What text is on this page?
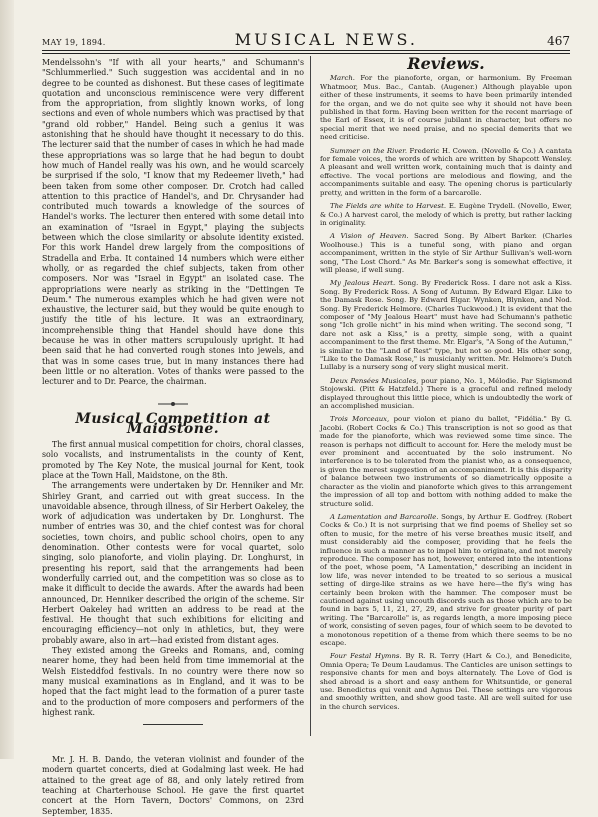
MAY 19, 1894.	MUSICAL NEWS.	467

Mendelssohn's "If with all your hearts," and Schumann's "Schlummerlied." Such suggestion was accidental and in no degree to be counted as dishonest. But these cases of legitimate quotation and unconscious reminiscence were very different from the appropriation, from slightly known works, of long sections and even of whole numbers which was practised by that "grand old robber," Handel. Being such a genius it was astonishing that he should have thought it necessary to do this. The lecturer said that the number of cases in which he had made these appropriations was so large that he had begun to doubt how much of Handel really was his own, and he would scarcely be surprised if the solo, "I know that my Redeemer liveth," had been taken from some other composer. Dr. Crotch had called attention to this practice of Handel's, and Dr. Chrysander had contributed much towards a knowledge of the sources of Handel's works. The lecturer then entered with some detail into an examination of "Israel in Egypt," playing the subjects between which the close similarity or absolute identity existed. For this work Handel drew largely from the compositions of Stradella and Erba. It contained 14 numbers which were either wholly, or as regarded the chief subjects, taken from other composers. Nor was "Israel in Egypt" an isolated case. The appropriations were nearly as striking in the "Dettingen Te Deum." The numerous examples which he had given were not exhaustive, the lecturer said, but they would be quite enough to justify the title of his lecture. It was an extraordinary, incomprehensible thing that Handel should have done this because he was in other matters scrupulously upright. It had been said that he had converted rough stones into jewels, and that was in some cases true, but in many instances there had been little or no alteration. Votes of thanks were passed to the lecturer and to Dr. Pearce, the chairman.

Musical Competition at Maidstone.

The first annual musical competition for choirs, choral classes, solo vocalists, and instrumentalists in the county of Kent, promoted by The Key Note, the musical journal for Kent, took place at the Town Hall, Maidstone, on the 8th.

The arrangements were undertaken by Dr. Henniker and Mr. Shirley Grant, and carried out with great success. In the unavoidable absence, through illness, of Sir Herbert Oakeley, the work of adjudication was undertaken by Dr. Longhurst. The number of entries was 30, and the chief contest was for choral societies, town choirs, and public school choirs, open to any denomination. Other contests were for vocal quartet, solo singing, solo pianoforte, and violin playing. Dr. Longhurst, in presenting his report, said that the arrangements had been wonderfully carried out, and the competition was so close as to make it difficult to decide the awards. After the awards had been announced, Dr. Henniker described the origin of the scheme. Sir Herbert Oakeley had written an address to be read at the festival. He thought that such exhibitions for eliciting and encouraging efficiency—not only in athletics, but, they were probably aware, also in art—had existed from distant ages.

They existed among the Greeks and Romans, and, coming nearer home, they had been held from time immemorial at the Welsh Eisteddfod festivals. In no country were there now so many musical examinations as in England, and it was to be hoped that the fact might lead to the formation of a purer taste and to the production of more composers and performers of the highest rank.

Mr. J. H. B. Dando, the veteran violinist and founder of the modern quartet concerts, died at Godalming last week. He had attained to the great age of 88, and only lately retired from teaching at Charterhouse School. He gave the first quartet concert at the Horn Tavern, Doctors' Commons, on 23rd September, 1835.

Reviews.

March. For the pianoforte, organ, or harmonium. By Freeman Whatmoor, Mus. Bac., Cantab. (Augener.) Although playable upon either of these instruments, it seems to have been primarily intended for the organ, and we do not quite see why it should not have been published in that form. Having been written for the recent marriage of the Earl of Essex, it is of course jubilant in character, but offers no special merit that we need praise, and no special demerits that we need criticise.

Summer on the River. Frederic H. Cowen. (Novello & Co.) A cantata for female voices, the words of which are written by Shapcott Wensley. A pleasant and well written work, containing much that is dainty and effective. The vocal portions are melodious and flowing, and the accompaniments suitable and easy. The opening chorus is particularly pretty, and written in the form of a barcarolle.

The Fields are white to Harvest. E. Eugène Trydell. (Novello, Ewer, & Co.) A harvest carol, the melody of which is pretty, but rather lacking in originality.

A Vision of Heaven. Sacred Song. By Albert Barker. (Charles Woolhouse.) This is a tuneful song, with piano and organ accompaniment, written in the style of Sir Arthur Sullivan's well-worn song, "The Lost Chord." As Mr. Barker's song is somewhat effective, it will please, if well sung.

My Jealous Heart. Song. By Frederick Ross. I dare not ask a Kiss. Song. By Frederick Ross. A Song of Autumn. By Edward Elgar. Like to the Damask Rose. Song. By Edward Elgar. Wynken, Blynken, and Nod. Song. By Frederick Helmore. (Charles Tuckwood.) It is evident that the composer of "My Jealous Heart" must have had Schumann's pathetic song "Ich grolle nicht" in his mind when writing. The second song, "I dare not ask a Kiss," is a pretty, simple song, with a quaint accompaniment to the first theme. Mr. Elgar's, "A Song of the Autumn," is similar to the "Land of Rest" type, but not so good. His other song, "Like to the Damask Rose," is musicianly written. Mr. Helmore's Dutch Lullaby is a nursery song of very slight musical merit.

Deux Pensées Musicales, pour piano, No. 1, Mélodie. Par Sigismond Stojowski. (Pitt & Hatzfeld.) There is a graceful and refined melody displayed throughout this little piece, which is undoubtedly the work of an accomplished musician.

Trois Morceaux, pour violon et piano du ballet, "Fidélia." By G. Jacobi. (Robert Cocks & Co.) This transcription is not so good as that made for the pianoforte, which was reviewed some time since. The reason is perhaps not difficult to account for. Here the melody must be ever prominent and accentuated by the solo instrument. No interference is to be tolerated from the pianist who, as a consequence, is given the merest suggestion of an accompaniment. It is this disparity of balance between two instruments of so diametrically opposite a character as the violin and pianoforte which gives to this arrangement the impression of all top and bottom with nothing added to make the structure solid.

A Lamentation and Barcarolle. Songs, by Arthur E. Godfrey. (Robert Cocks & Co.) It is not surprising that we find poems of Shelley set so often to music, for the metre of his verse breathes music itself, and must considerably aid the composer, providing that he feels the influence in such a manner as to impel him to originate, and not merely reproduce. The composer has not, however, entered into the intentions of the poet, whose poem, "A Lamentation," describing an incident in low life, was never intended to be treated to so serious a musical setting of dirge-like strains as we have here—the fly's wing has certainly been broken with the hammer. The composer must be cautioned against using uncouth discords such as those which are to be found in bars 5, 11, 21, 27, 29, and strive for greater purity of part writing. The "Barcarolle" is, as regards length, a more imposing piece of work, consisting of seven pages, four of which seem to be devoted to a monotonous repetition of a theme from which there seems to be no escape.

Four Festal Hymns. By R. R. Terry (Hart & Co.), and Benedicite, Omnia Opera; Te Deum Laudamus. The Canticles are unison settings to responsive chants for men and boys alternately. The Love of God is shed abroad is a short and easy anthem for Whitsuntide, or general use. Benedictus qui venit and Agnus Dei. These settings are vigorous and smoothly written, and show good taste. All are well suited for use in the church services.
